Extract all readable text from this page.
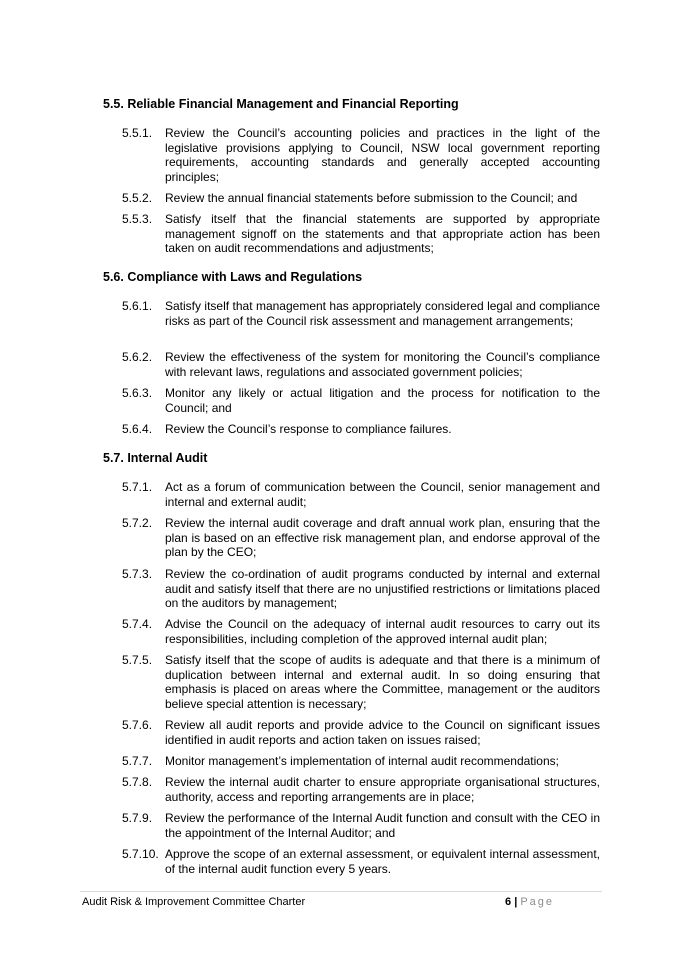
5.5. Reliable Financial Management and Financial Reporting
5.5.1.	Review the Council’s accounting policies and practices in the light of the legislative provisions applying to Council, NSW local government reporting requirements, accounting standards and generally accepted accounting principles;
5.5.2.	Review the annual financial statements before submission to the Council; and
5.5.3.	Satisfy itself that the financial statements are supported by appropriate management signoff on the statements and that appropriate action has been taken on audit recommendations and adjustments;
5.6. Compliance with Laws and Regulations
5.6.1.	Satisfy itself that management has appropriately considered legal and compliance risks as part of the Council risk assessment and management arrangements;
5.6.2.	Review the effectiveness of the system for monitoring the Council’s compliance with relevant laws, regulations and associated government policies;
5.6.3.	Monitor any likely or actual litigation and the process for notification to the Council; and
5.6.4.	Review the Council’s response to compliance failures.
5.7. Internal Audit
5.7.1.	Act as a forum of communication between the Council, senior management and internal and external audit;
5.7.2.	Review the internal audit coverage and draft annual work plan, ensuring that the plan is based on an effective risk management plan, and endorse approval of the plan by the CEO;
5.7.3.	Review the co-ordination of audit programs conducted by internal and external audit and satisfy itself that there are no unjustified restrictions or limitations placed on the auditors by management;
5.7.4.	Advise the Council on the adequacy of internal audit resources to carry out its responsibilities, including completion of the approved internal audit plan;
5.7.5.	Satisfy itself that the scope of audits is adequate and that there is a minimum of duplication between internal and external audit. In so doing ensuring that emphasis is placed on areas where the Committee, management or the auditors believe special attention is necessary;
5.7.6.	Review all audit reports and provide advice to the Council on significant issues identified in audit reports and action taken on issues raised;
5.7.7.	Monitor management’s implementation of internal audit recommendations;
5.7.8.	Review the internal audit charter to ensure appropriate organisational structures, authority, access and reporting arrangements are in place;
5.7.9.	Review the performance of the Internal Audit function and consult with the CEO in the appointment of the Internal Auditor; and
5.7.10. Approve the scope of an external assessment, or equivalent internal assessment, of the internal audit function every 5 years.
Audit Risk & Improvement Committee Charter	6 | Page
